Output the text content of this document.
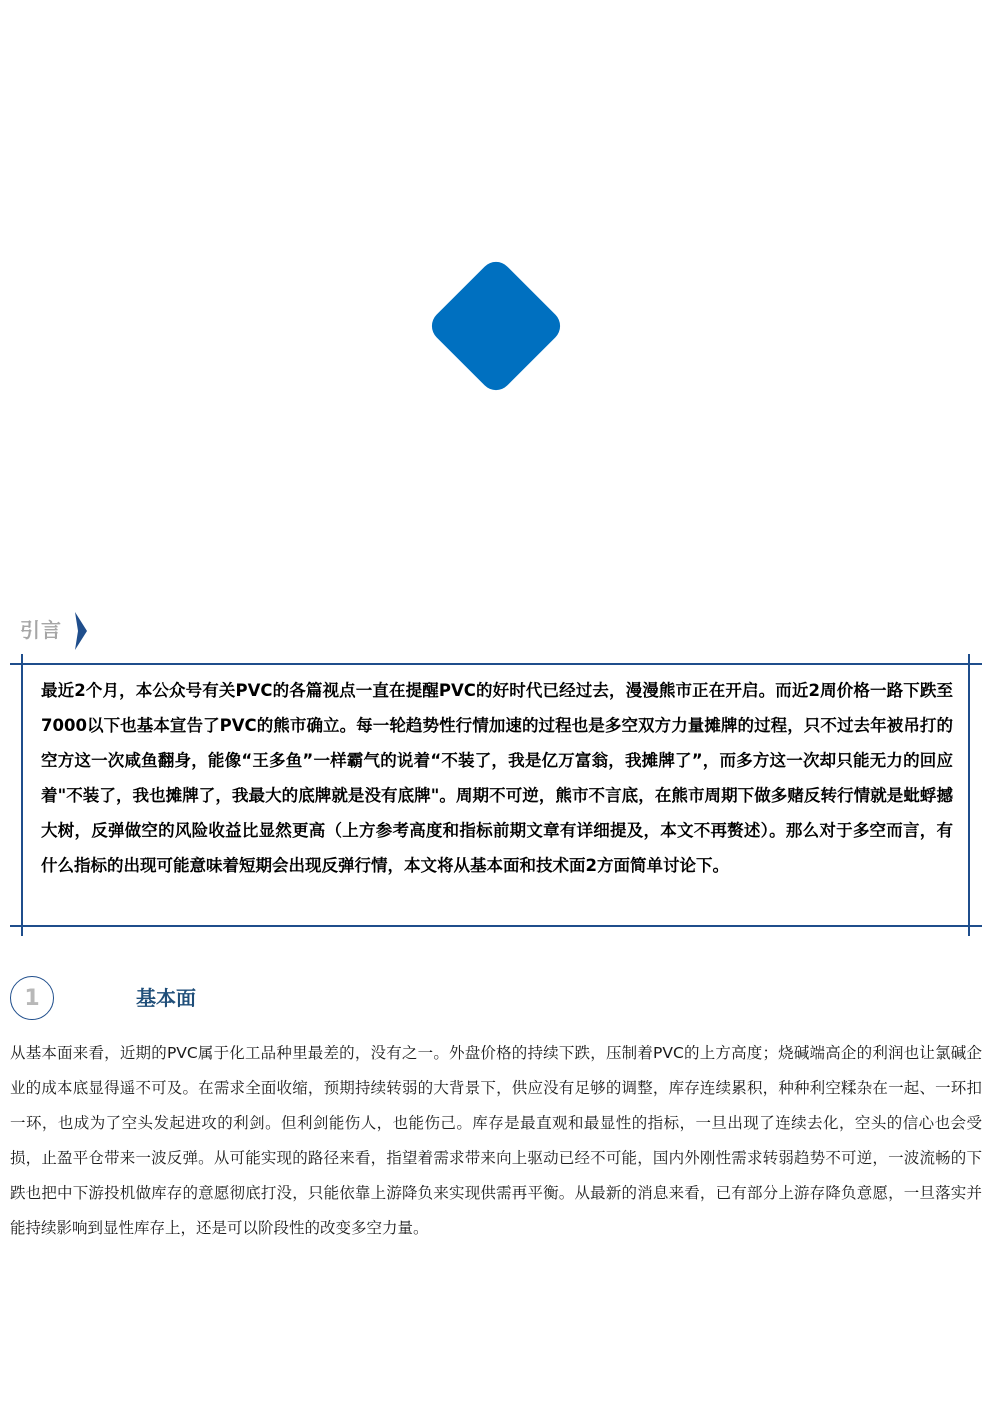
引言
最近2个月，本公众号有关PVC的各篇视点一直在提醒PVC的好时代已经过去，漫漫熊市正在开启。而近2周价格一路下跌至7000以下也基本宣告了PVC的熊市确立。每一轮趋势性行情加速的过程也是多空双方力量摊牌的过程，只不过去年被吊打的空方这一次咸鱼翻身，能像“王多鱼”一样霸气的说着“不装了，我是亿万富翁，我摊牌了”，而多方这一次却只能无力的回应着"不装了，我也摊牌了，我最大的底牌就是没有底牌"。周期不可逆，熊市不言底，在熊市周期下做多赌反转行情就是蚍蜉撼大树，反弹做空的风险收益比显然更高（上方参考高度和指标前期文章有详细提及，本文不再赘述）。那么对于多空而言，有什么指标的出现可能意味着短期会出现反弹行情，本文将从基本面和技术面2方面简单讨论下。
1	基本面
从基本面来看，近期的PVC属于化工品种里最差的，没有之一。外盘价格的持续下跌，压制着PVC的上方高度；烧碱端高企的利润也让氯碱企业的成本底显得遥不可及。在需求全面收缩，预期持续转弱的大背景下，供应没有足够的调整，库存连续累积，种种利空糅杂在一起、一环扣一环，也成为了空头发起进攻的利剑。但利剑能伤人，也能伤己。库存是最直观和最显性的指标，一旦出现了连续去化，空头的信心也会受损，止盈平仓带来一波反弹。从可能实现的路径来看，指望着需求带来向上驱动已经不可能，国内外刚性需求转弱趋势不可逆，一波流畅的下跌也把中下游投机做库存的意愿彻底打没，只能依靠上游降负来实现供需再平衡。从最新的消息来看，已有部分上游存降负意愿，一旦落实并能持续影响到显性库存上，还是可以阶段性的改变多空力量。
